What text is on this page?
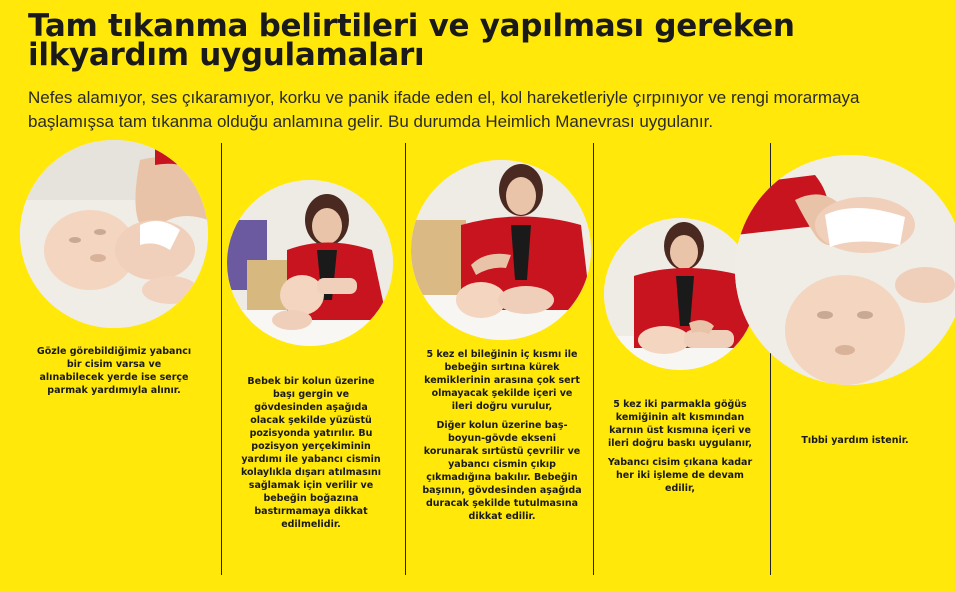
Tam tıkanma belirtileri ve yapılması gereken ilkyardım uygulamaları

Nefes alamıyor, ses çıkaramıyor, korku ve panik ifade eden el, kol hareketleriyle çırpınıyor ve rengi morarmaya başlamışsa tam tıkanma olduğu anlamına gelir. Bu durumda Heimlich Manevrası uygulanır.

Gözle görebildiğimiz yabancı bir cisim varsa ve alınabilecek yerde ise serçe parmak yardımıyla alınır.

Bebek bir kolun üzerine başı gergin ve gövdesinden aşağıda olacak şekilde yüzüstü pozisyonda yatırılır. Bu pozisyon yerçekiminin yardımı ile yabancı cismin kolaylıkla dışarı atılmasını sağlamak için verilir ve bebeğin boğazına bastırmamaya dikkat edilmelidir.

5 kez el bileğinin iç kısmı ile bebeğin sırtına kürek kemiklerinin arasına çok sert olmayacak şekilde içeri ve ileri doğru vurulur,

Diğer kolun üzerine baş-boyun-gövde ekseni korunarak sırtüstü çevrilir ve yabancı cismin çıkıp çıkmadığına bakılır. Bebeğin başının, gövdesinden aşağıda duracak şekilde tutulmasına dikkat edilir.

5 kez iki parmakla göğüs kemiğinin alt kısmından karnın üst kısmına içeri ve ileri doğru baskı uygulanır,

Yabancı cisim çıkana kadar her iki işleme de devam edilir,

Tıbbi yardım istenir.
